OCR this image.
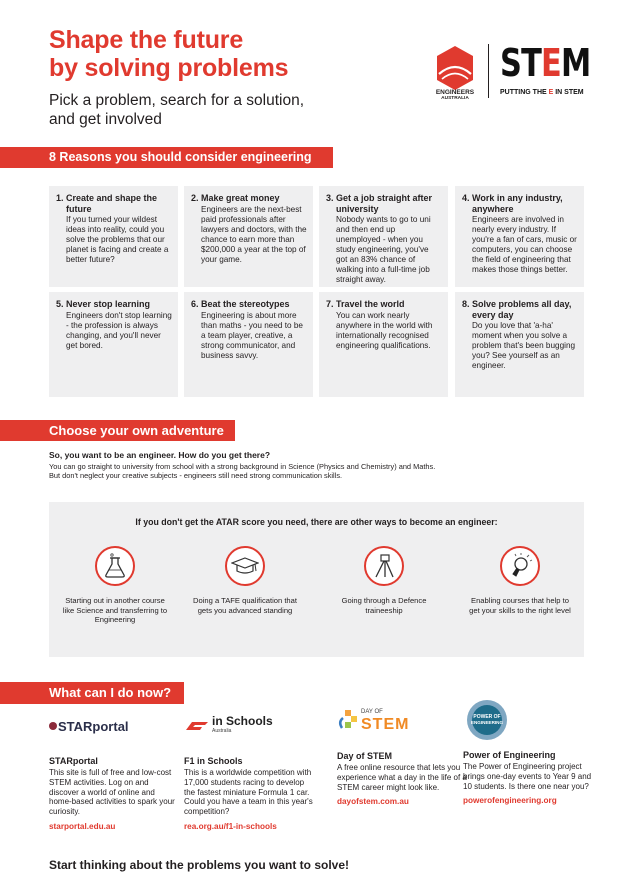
Shape the future
by solving problems
Pick a problem, search for a solution,
and get involved
ENGINEERS
AUSTRALIA
STEM
PUTTING THE E IN STEM
8 Reasons you should consider engineering
1. Create and shape the future
If you turned your wildest ideas into reality, could you solve the problems that our planet is facing and create a better future?
2. Make great money
Engineers are the next-best paid professionals after lawyers and doctors, with the chance to earn more than $200,000 a year at the top of your game.
3. Get a job straight after university
Nobody wants to go to uni and then end up unemployed - when you study engineering, you've got an 83% chance of walking into a full-time job straight away.
4. Work in any industry, anywhere
Engineers are involved in nearly every industry. If you're a fan of cars, music or computers, you can choose the field of engineering that makes those things better.
5. Never stop learning
Engineers don't stop learning - the profession is always changing, and you'll never get bored.
6. Beat the stereotypes
Engineering is about more than maths - you need to be a team player, creative, a strong communicator, and business savvy.
7. Travel the world
You can work nearly anywhere in the world with internationally recognised engineering qualifications.
8. Solve problems all day, every day
Do you love that 'a-ha' moment when you solve a problem that's been bugging you? See yourself as an engineer.
Choose your own adventure
So, you want to be an engineer. How do you get there?
You can go straight to university from school with a strong background in Science (Physics and Chemistry) and Maths.
But don't neglect your creative subjects - engineers still need strong communication skills.
If you don't get the ATAR score you need, there are other ways to become an engineer:
Starting out in another course like Science and transferring to Engineering
Doing a TAFE qualification that gets you advanced standing
Going through a Defence traineeship
Enabling courses that help to get your skills to the right level
What can I do now?
STARportal
STARportal
This site is full of free and low-cost STEM activities. Log on and discover a world of online and home-based activities to spark your curiosity.
starportal.edu.au
in Schools
Australia
F1 in Schools
This is a worldwide competition with 17,000 students racing to develop the fastest miniature Formula 1 car. Could you have a team in this year's competition?
rea.org.au/f1-in-schools
DAY OF
STEM
Day of STEM
A free online resource that lets you experience what a day in the life of a STEM career might look like.
dayofstem.com.au
POWER OF
ENGINEERING
Power of Engineering
The Power of Engineering project brings one-day events to Year 9 and 10 students. Is there one near you?
powerofengineering.org
Start thinking about the problems you want to solve!
